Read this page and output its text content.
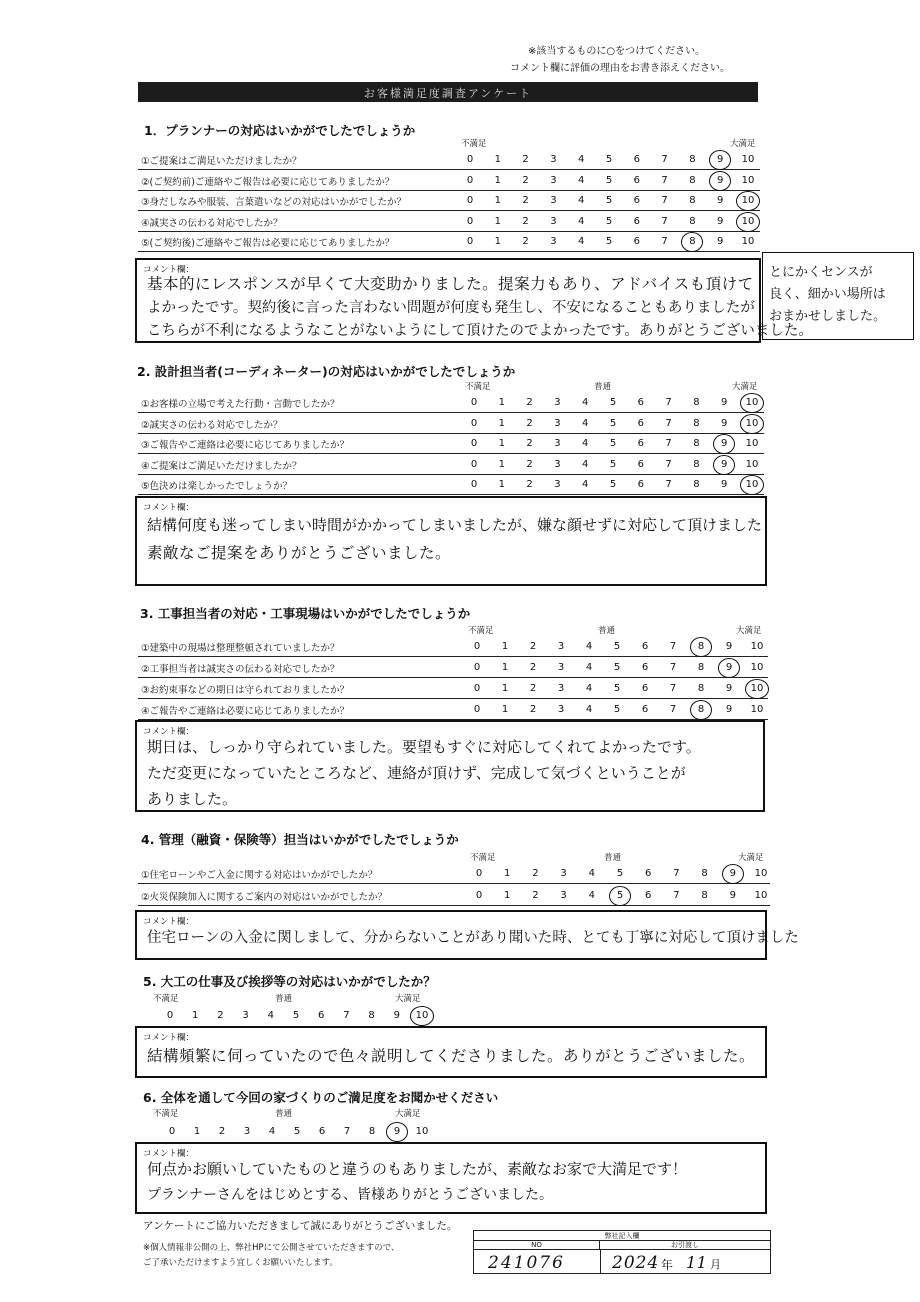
※該当するものに○をつけてください。
コメント欄に評価の理由をお書き添えください。
お客様満足度調査アンケート
1．プランナーの対応はいかがでしたでしょうか
不満足	大満足
①ご提案はご満足いただけましたか？	0	1	2	3	4	5	6	7	8	9	10
②(ご契約前)ご連絡やご報告は必要に応じてありましたか？	0	1	2	3	4	5	6	7	8	9	10
③身だしなみや服装、言葉遣いなどの対応はいかがでしたか？	0	1	2	3	4	5	6	7	8	9	10
④誠実さの伝わる対応でしたか？	0	1	2	3	4	5	6	7	8	9	10
⑤(ご契約後)ご連絡やご報告は必要に応じてありましたか？	0	1	2	3	4	5	6	7	8	9	10
コメント欄：
基本的にレスポンスが早くて大変助かりました。提案力もあり、アドバイスも頂けて
よかったです。契約後に言った言わない問題が何度も発生し、不安になることもありましたが
こちらが不利になるようなことがないようにして頂けたのでよかったです。ありがとうございました。
とにかくセンスが
良く、細かい場所は
おまかせしました。
2. 設計担当者(コーディネーター)の対応はいかがでしたでしょうか
不満足	普通	大満足
①お客様の立場で考えた行動・言動でしたか？	0	1	2	3	4	5	6	7	8	9	10
②誠実さの伝わる対応でしたか？	0	1	2	3	4	5	6	7	8	9	10
③ご報告やご連絡は必要に応じてありましたか？	0	1	2	3	4	5	6	7	8	9	10
④ご提案はご満足いただけましたか？	0	1	2	3	4	5	6	7	8	9	10
⑤色決めは楽しかったでしょうか？	0	1	2	3	4	5	6	7	8	9	10
コメント欄：
結構何度も迷ってしまい時間がかかってしまいましたが、嫌な顔せずに対応して頂けました
素敵なご提案をありがとうございました。
3. 工事担当者の対応・工事現場はいかがでしたでしょうか
不満足	普通	大満足
①建築中の現場は整理整頓されていましたか？	0	1	2	3	4	5	6	7	8	9	10
②工事担当者は誠実さの伝わる対応でしたか？	0	1	2	3	4	5	6	7	8	9	10
③お約束事などの期日は守られておりましたか？	0	1	2	3	4	5	6	7	8	9	10
④ご報告やご連絡は必要に応じてありましたか？	0	1	2	3	4	5	6	7	8	9	10
コメント欄：
期日は、しっかり守られていました。要望もすぐに対応してくれてよかったです。
ただ変更になっていたところなど、連絡が頂けず、完成して気づくということが
ありました。
4. 管理（融資・保険等）担当はいかがでしたでしょうか
不満足	普通	大満足
①住宅ローンやご入金に関する対応はいかがでしたか？	0	1	2	3	4	5	6	7	8	9	10
②火災保険加入に関するご案内の対応はいかがでしたか？	0	1	2	3	4	5	6	7	8	9	10
コメント欄：
住宅ローンの入金に関しまして、分からないことがあり聞いた時、とても丁寧に対応して頂けました
5. 大工の仕事及び挨拶等の対応はいかがでしたか？
不満足	普通	大満足
0	1	2	3	4	5	6	7	8	9	10
コメント欄：
結構頻繁に伺っていたので色々説明してくださりました。ありがとうございました。
6. 全体を通して今回の家づくりのご満足度をお聞かせください
不満足	普通	大満足
0	1	2	3	4	5	6	7	8	9	10
コメント欄：
何点かお願いしていたものと違うのもありましたが、素敵なお家で大満足です！
プランナーさんをはじめとする、皆様ありがとうございました。
アンケートにご協力いただきまして誠にありがとうございました。
※個人情報非公開の上、弊社HPにて公開させていただきますので、
ご了承いただけますよう宜しくお願いいたします。
弊社記入欄
NO	お引渡し
241076	2024 年 11 月
